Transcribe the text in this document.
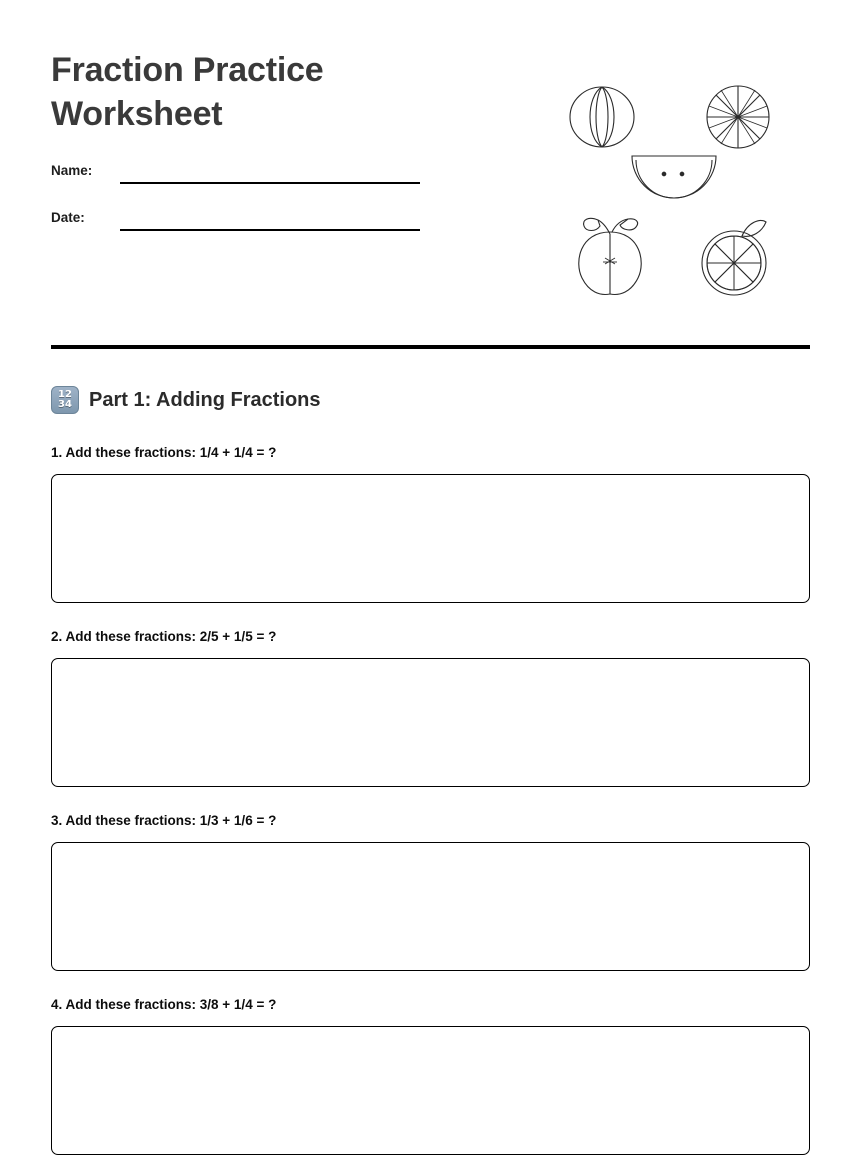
Fraction Practice Worksheet
Name:
Date:
12
34 Part 1: Adding Fractions

1. Add these fractions: 1/4 + 1/4 = ?

2. Add these fractions: 2/5 + 1/5 = ?

3. Add these fractions: 1/3 + 1/6 = ?

4. Add these fractions: 3/8 + 1/4 = ?
